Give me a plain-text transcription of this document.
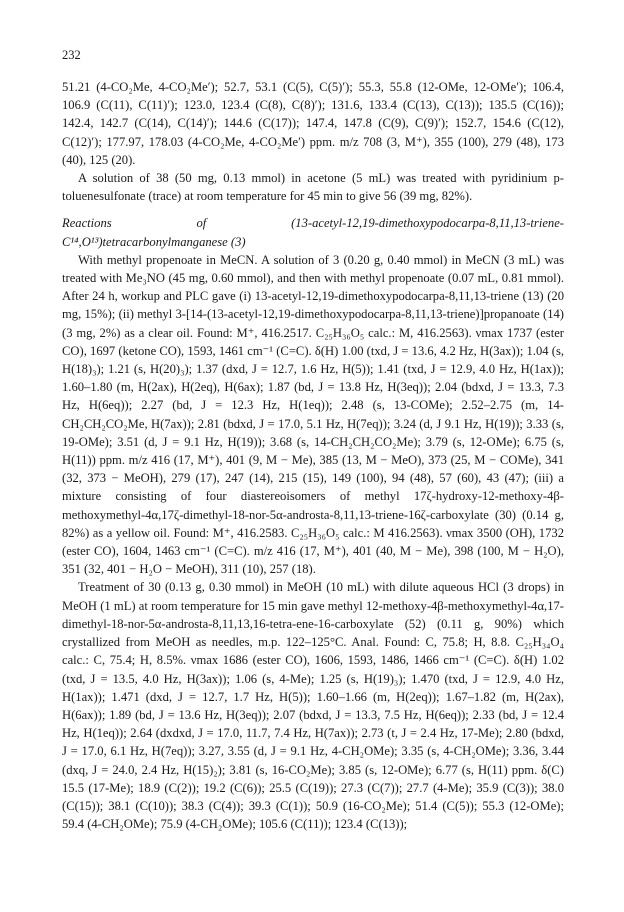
232

51.21 (4-CO₂Me, 4-CO₂Me′); 52.7, 53.1 (C(5), C(5)′); 55.3, 55.8 (12-OMe, 12-OMe′); 106.4, 106.9 (C(11), C(11)′); 123.0, 123.4 (C(8), C(8)′); 131.6, 133.4 (C(13), C(13)); 135.5 (C(16)); 142.4, 142.7 (C(14), C(14)′); 144.6 (C(17)); 147.4, 147.8 (C(9), C(9)′); 152.7, 154.6 (C(12), C(12)′); 177.97, 178.03 (4-CO₂Me, 4-CO₂Me′) ppm. m/z 708 (3, M⁺), 355 (100), 279 (48), 173 (40), 125 (20).

A solution of 38 (50 mg, 0.13 mmol) in acetone (5 mL) was treated with pyridinium p-toluenesulfonate (trace) at room temperature for 45 min to give 56 (39 mg, 82%).

Reactions of (13-acetyl-12,19-dimethoxypodocarpa-8,11,13-triene-C¹⁴,O¹³)tetracarbonylmanganese (3)

With methyl propenoate in MeCN. A solution of 3 (0.20 g, 0.40 mmol) in MeCN (3 mL) was treated with Me₃NO (45 mg, 0.60 mmol), and then with methyl propenoate (0.07 mL, 0.81 mmol). After 24 h, workup and PLC gave (i) 13-acetyl-12,19-dimethoxypodocarpa-8,11,13-triene (13) (20 mg, 15%); (ii) methyl 3-[14-(13-acetyl-12,19-dimethoxypodocarpa-8,11,13-triene)]propanoate (14) (3 mg, 2%) as a clear oil. Found: M⁺, 416.2517. C₂₅H₃₆O₅ calc.: M, 416.2563). νmax 1737 (ester CO), 1697 (ketone CO), 1593, 1461 cm⁻¹ (C=C). δ(H) 1.00 (txd, J = 13.6, 4.2 Hz, H(3ax)); 1.04 (s, H(18)₃); 1.21 (s, H(20)₃); 1.37 (dxd, J = 12.7, 1.6 Hz, H(5)); 1.41 (txd, J = 12.9, 4.0 Hz, H(1ax)); 1.60–1.80 (m, H(2ax), H(2eq), H(6ax); 1.87 (bd, J = 13.8 Hz, H(3eq)); 2.04 (bdxd, J = 13.3, 7.3 Hz, H(6eq)); 2.27 (bd, J = 12.3 Hz, H(1eq)); 2.48 (s, 13-COMe); 2.52–2.75 (m, 14-CH₂CH₂CO₂Me, H(7ax)); 2.81 (bdxd, J = 17.0, 5.1 Hz, H(7eq)); 3.24 (d, J 9.1 Hz, H(19)); 3.33 (s, 19-OMe); 3.51 (d, J = 9.1 Hz, H(19)); 3.68 (s, 14-CH₂CH₂CO₂Me); 3.79 (s, 12-OMe); 6.75 (s, H(11)) ppm. m/z 416 (17, M⁺), 401 (9, M − Me), 385 (13, M − MeO), 373 (25, M − COMe), 341 (32, 373 − MeOH), 279 (17), 247 (14), 215 (15), 149 (100), 94 (48), 57 (60), 43 (47); (iii) a mixture consisting of four diastereoisomers of methyl 17ζ-hydroxy-12-methoxy-4β-methoxymethyl-4α,17ζ-dimethyl-18-nor-5α-androsta-8,11,13-triene-16ζ-carboxylate (30) (0.14 g, 82%) as a yellow oil. Found: M⁺, 416.2583. C₂₅H₃₆O₅ calc.: M 416.2563). νmax 3500 (OH), 1732 (ester CO), 1604, 1463 cm⁻¹ (C=C). m/z 416 (17, M⁺), 401 (40, M − Me), 398 (100, M − H₂O), 351 (32, 401 − H₂O − MeOH), 311 (10), 257 (18).

Treatment of 30 (0.13 g, 0.30 mmol) in MeOH (10 mL) with dilute aqueous HCl (3 drops) in MeOH (1 mL) at room temperature for 15 min gave methyl 12-methoxy-4β-methoxymethyl-4α,17-dimethyl-18-nor-5α-androsta-8,11,13,16-tetra-ene-16-carboxylate (52) (0.11 g, 90%) which crystallized from MeOH as needles, m.p. 122–125°C. Anal. Found: C, 75.8; H, 8.8. C₂₅H₃₄O₄ calc.: C, 75.4; H, 8.5%. νmax 1686 (ester CO), 1606, 1593, 1486, 1466 cm⁻¹ (C=C). δ(H) 1.02 (txd, J = 13.5, 4.0 Hz, H(3ax)); 1.06 (s, 4-Me); 1.25 (s, H(19)₃); 1.470 (txd, J = 12.9, 4.0 Hz, H(1ax)); 1.471 (dxd, J = 12.7, 1.7 Hz, H(5)); 1.60–1.66 (m, H(2eq)); 1.67–1.82 (m, H(2ax), H(6ax)); 1.89 (bd, J = 13.6 Hz, H(3eq)); 2.07 (bdxd, J = 13.3, 7.5 Hz, H(6eq)); 2.33 (bd, J = 12.4 Hz, H(1eq)); 2.64 (dxdxd, J = 17.0, 11.7, 7.4 Hz, H(7ax)); 2.73 (t, J = 2.4 Hz, 17-Me); 2.80 (bdxd, J = 17.0, 6.1 Hz, H(7eq)); 3.27, 3.55 (d, J = 9.1 Hz, 4-CH₂OMe); 3.35 (s, 4-CH₂OMe); 3.36, 3.44 (dxq, J = 24.0, 2.4 Hz, H(15)₂); 3.81 (s, 16-CO₂Me); 3.85 (s, 12-OMe); 6.77 (s, H(11) ppm. δ(C) 15.5 (17-Me); 18.9 (C(2)); 19.2 (C(6)); 25.5 (C(19)); 27.3 (C(7)); 27.7 (4-Me); 35.9 (C(3)); 38.0 (C(15)); 38.1 (C(10)); 38.3 (C(4)); 39.3 (C(1)); 50.9 (16-CO₂Me); 51.4 (C(5)); 55.3 (12-OMe); 59.4 (4-CH₂OMe); 75.9 (4-CH₂OMe); 105.6 (C(11)); 123.4 (C(13));
